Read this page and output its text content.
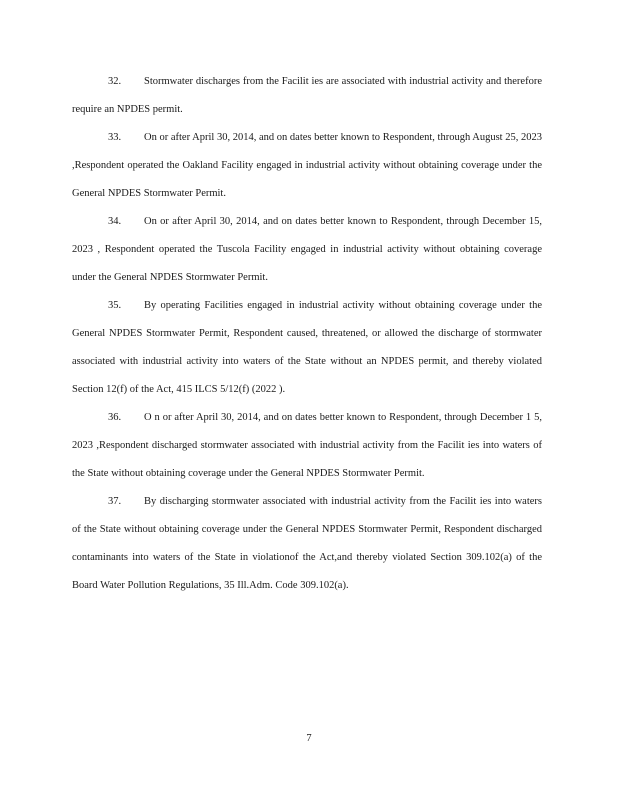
32. Stormwater discharges from the Facilit ies are associated with industrial activity and therefore require an NPDES permit.

33. On or after April 30, 2014, and on dates better known to Respondent, through August 25, 2023 ,Respondent operated the Oakland Facility engaged in industrial activity without obtaining coverage under the General NPDES Stormwater Permit.

34. On or after April 30, 2014, and on dates better known to Respondent, through December 15, 2023 , Respondent operated the Tuscola Facility engaged in industrial activity without obtaining coverage under the General NPDES Stormwater Permit.

35. By operating Facilities engaged in industrial activity without obtaining coverage under the General NPDES Stormwater Permit, Respondent caused, threatened, or allowed the discharge of stormwater associated with industrial activity into waters of the State without an NPDES permit, and thereby violated Section 12(f) of the Act, 415 ILCS 5/12(f) (2022 ).

36. O n or after April 30, 2014, and on dates better known to Respondent, through December 1 5, 2023 ,Respondent discharged stormwater associated with industrial activity from the Facilit ies into waters of the State without obtaining coverage under the General NPDES Stormwater Permit.

37. By discharging stormwater associated with industrial activity from the Facilit ies into waters of the State without obtaining coverage under the General NPDES Stormwater Permit, Respondent discharged contaminants into waters of the State in violationof the Act,and thereby violated Section 309.102(a) of the Board Water Pollution Regulations, 35 Ill.Adm. Code 309.102(a).

7
